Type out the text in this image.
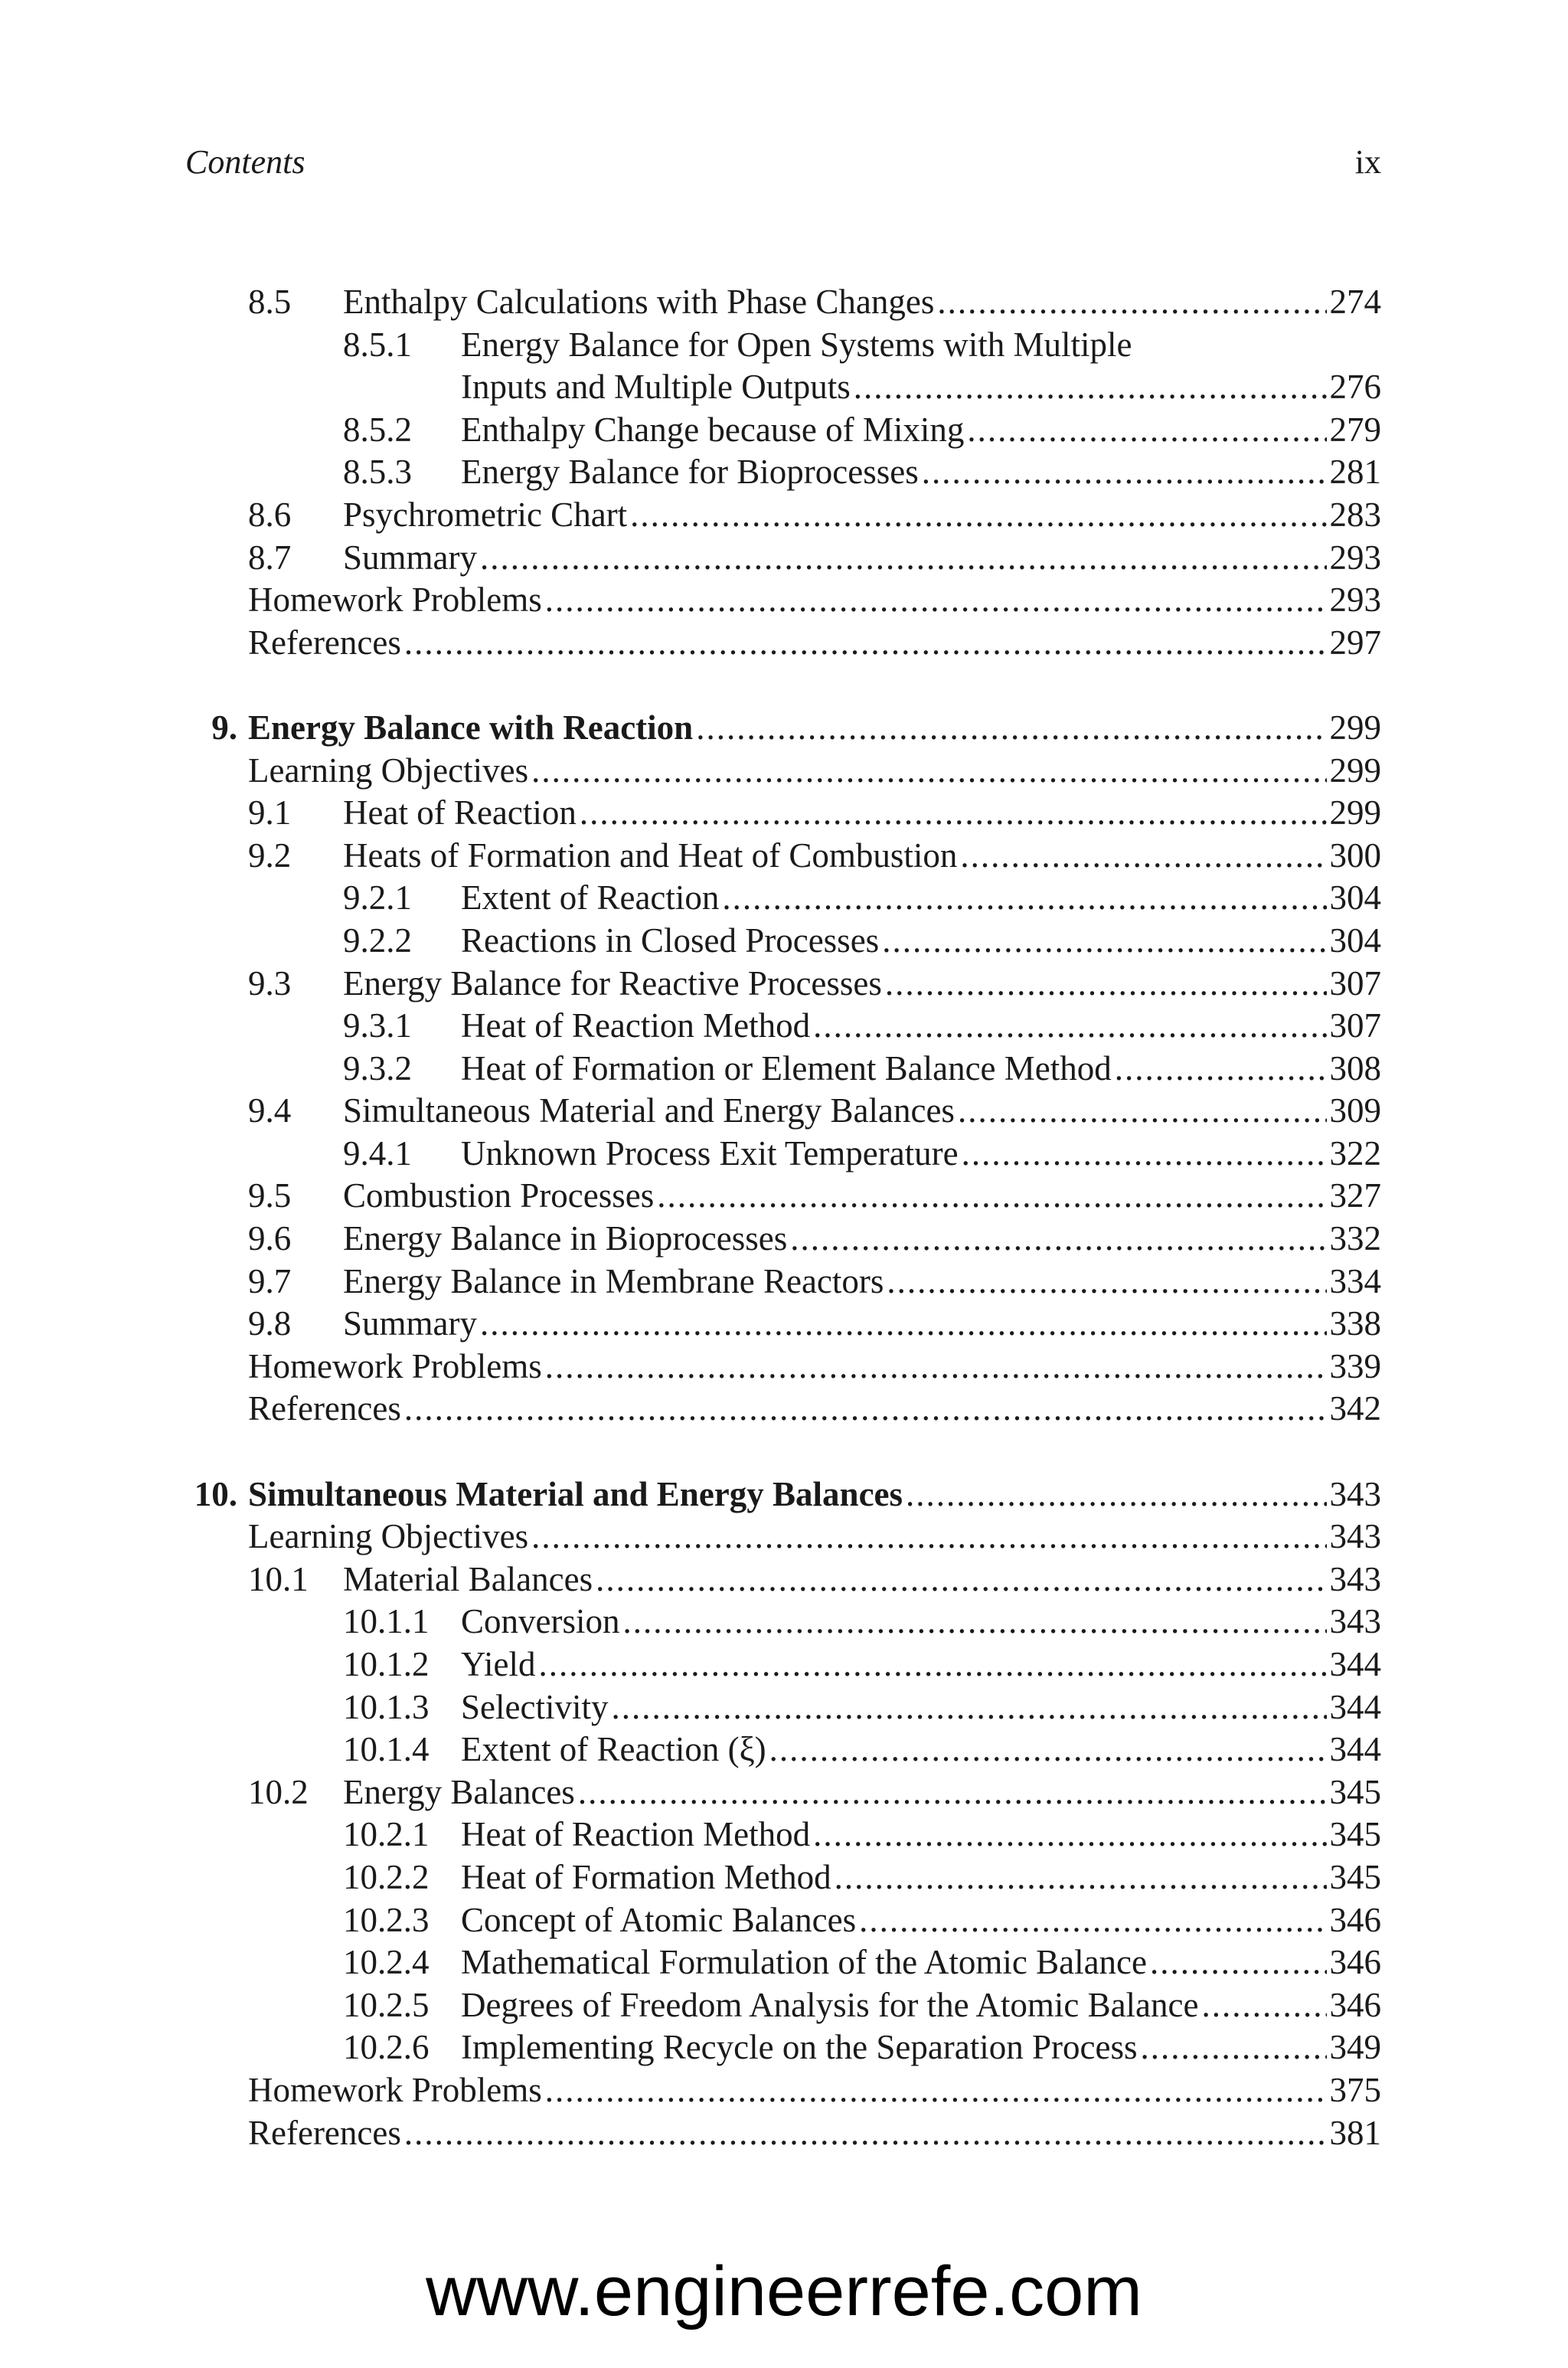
Contents	ix
8.5 Enthalpy Calculations with Phase Changes .....	274
8.5.1 Energy Balance for Open Systems with Multiple
Inputs and Multiple Outputs .....	276
8.5.2 Enthalpy Change because of Mixing .....	279
8.5.3 Energy Balance for Bioprocesses .....	281
8.6 Psychrometric Chart .....	283
8.7 Summary .....	293
Homework Problems .....	293
References .....	297
9. Energy Balance with Reaction .....	299
Learning Objectives .....	299
9.1 Heat of Reaction .....	299
9.2 Heats of Formation and Heat of Combustion .....	300
9.2.1 Extent of Reaction .....	304
9.2.2 Reactions in Closed Processes .....	304
9.3 Energy Balance for Reactive Processes .....	307
9.3.1 Heat of Reaction Method .....	307
9.3.2 Heat of Formation or Element Balance Method .....	308
9.4 Simultaneous Material and Energy Balances .....	309
9.4.1 Unknown Process Exit Temperature .....	322
9.5 Combustion Processes .....	327
9.6 Energy Balance in Bioprocesses .....	332
9.7 Energy Balance in Membrane Reactors .....	334
9.8 Summary .....	338
Homework Problems .....	339
References .....	342
10. Simultaneous Material and Energy Balances .....	343
Learning Objectives .....	343
10.1 Material Balances .....	343
10.1.1 Conversion .....	343
10.1.2 Yield .....	344
10.1.3 Selectivity .....	344
10.1.4 Extent of Reaction (ξ) .....	344
10.2 Energy Balances .....	345
10.2.1 Heat of Reaction Method .....	345
10.2.2 Heat of Formation Method .....	345
10.2.3 Concept of Atomic Balances .....	346
10.2.4 Mathematical Formulation of the Atomic Balance .....	346
10.2.5 Degrees of Freedom Analysis for the Atomic Balance .....	346
10.2.6 Implementing Recycle on the Separation Process .....	349
Homework Problems .....	375
References .....	381
www.engineerrefe.com
